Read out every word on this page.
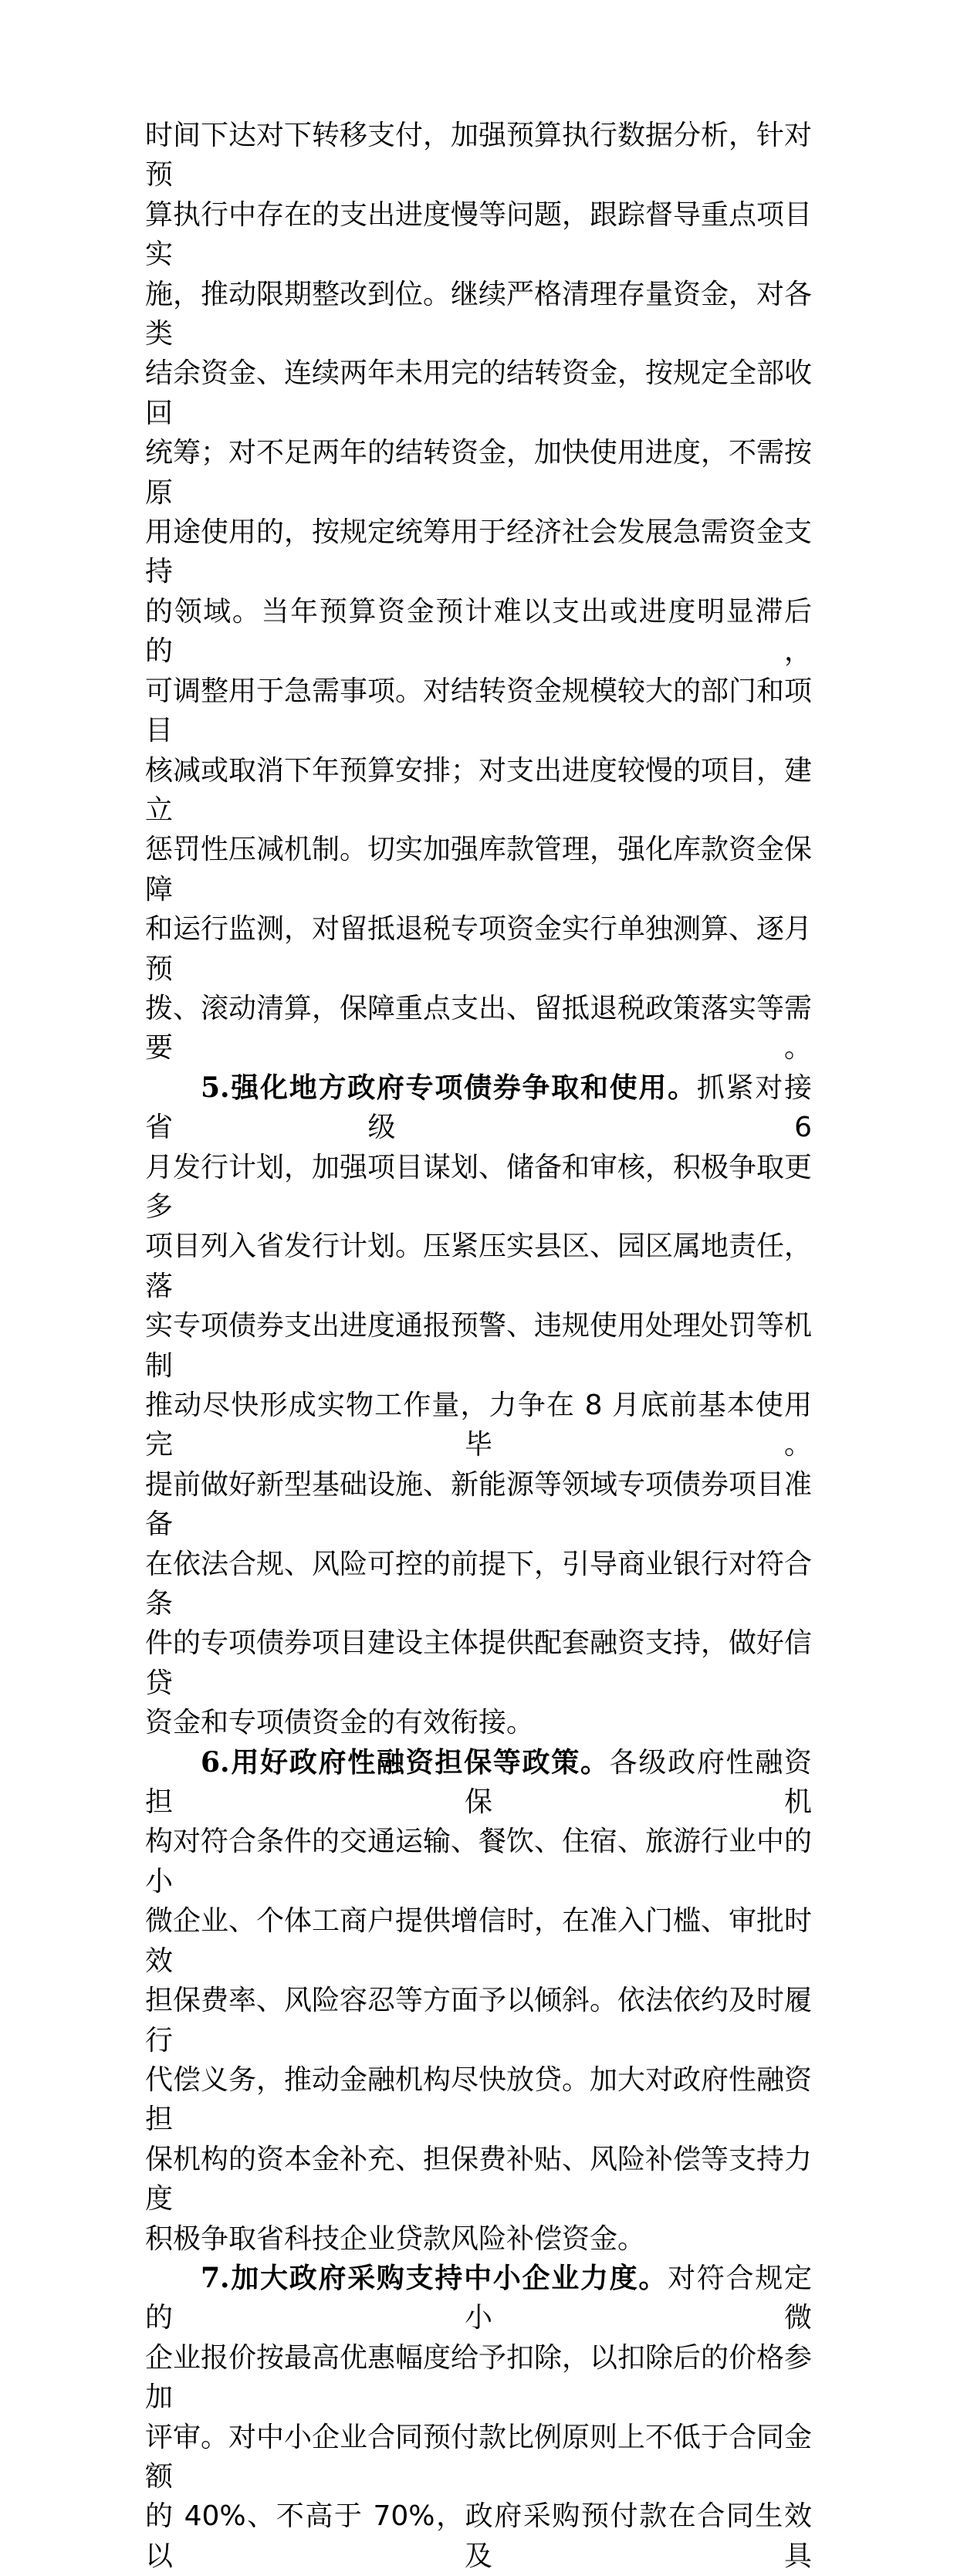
时间下达对下转移支付，加强预算执行数据分析，针对预
算执行中存在的支出进度慢等问题，跟踪督导重点项目实
施，推动限期整改到位。继续严格清理存量资金，对各类
结余资金、连续两年未用完的结转资金，按规定全部收回
统筹；对不足两年的结转资金，加快使用进度，不需按原
用途使用的，按规定统筹用于经济社会发展急需资金支持
的领域。当年预算资金预计难以支出或进度明显滞后的，
可调整用于急需事项。对结转资金规模较大的部门和项目
核减或取消下年预算安排；对支出进度较慢的项目，建立
惩罚性压减机制。切实加强库款管理，强化库款资金保障
和运行监测，对留抵退税专项资金实行单独测算、逐月预
拨、滚动清算，保障重点支出、留抵退税政策落实等需要。
5.强化地方政府专项债券争取和使用。抓紧对接省级 6
月发行计划，加强项目谋划、储备和审核，积极争取更多
项目列入省发行计划。压紧压实县区、园区属地责任，落
实专项债券支出进度通报预警、违规使用处理处罚等机制
推动尽快形成实物工作量，力争在 8 月底前基本使用完毕。
提前做好新型基础设施、新能源等领域专项债券项目准备
在依法合规、风险可控的前提下，引导商业银行对符合条
件的专项债券项目建设主体提供配套融资支持，做好信贷
资金和专项债资金的有效衔接。
6.用好政府性融资担保等政策。各级政府性融资担保机
构对符合条件的交通运输、餐饮、住宿、旅游行业中的小
微企业、个体工商户提供增信时，在准入门槛、审批时效
担保费率、风险容忍等方面予以倾斜。依法依约及时履行
代偿义务，推动金融机构尽快放贷。加大对政府性融资担
保机构的资本金补充、担保费补贴、风险补偿等支持力度
积极争取省科技企业贷款风险补偿资金。
7.加大政府采购支持中小企业力度。对符合规定的小微
企业报价按最高优惠幅度给予扣除，以扣除后的价格参加
评审。对中小企业合同预付款比例原则上不低于合同金额
的 40%、不高于 70%，政府采购预付款在合同生效以及具
